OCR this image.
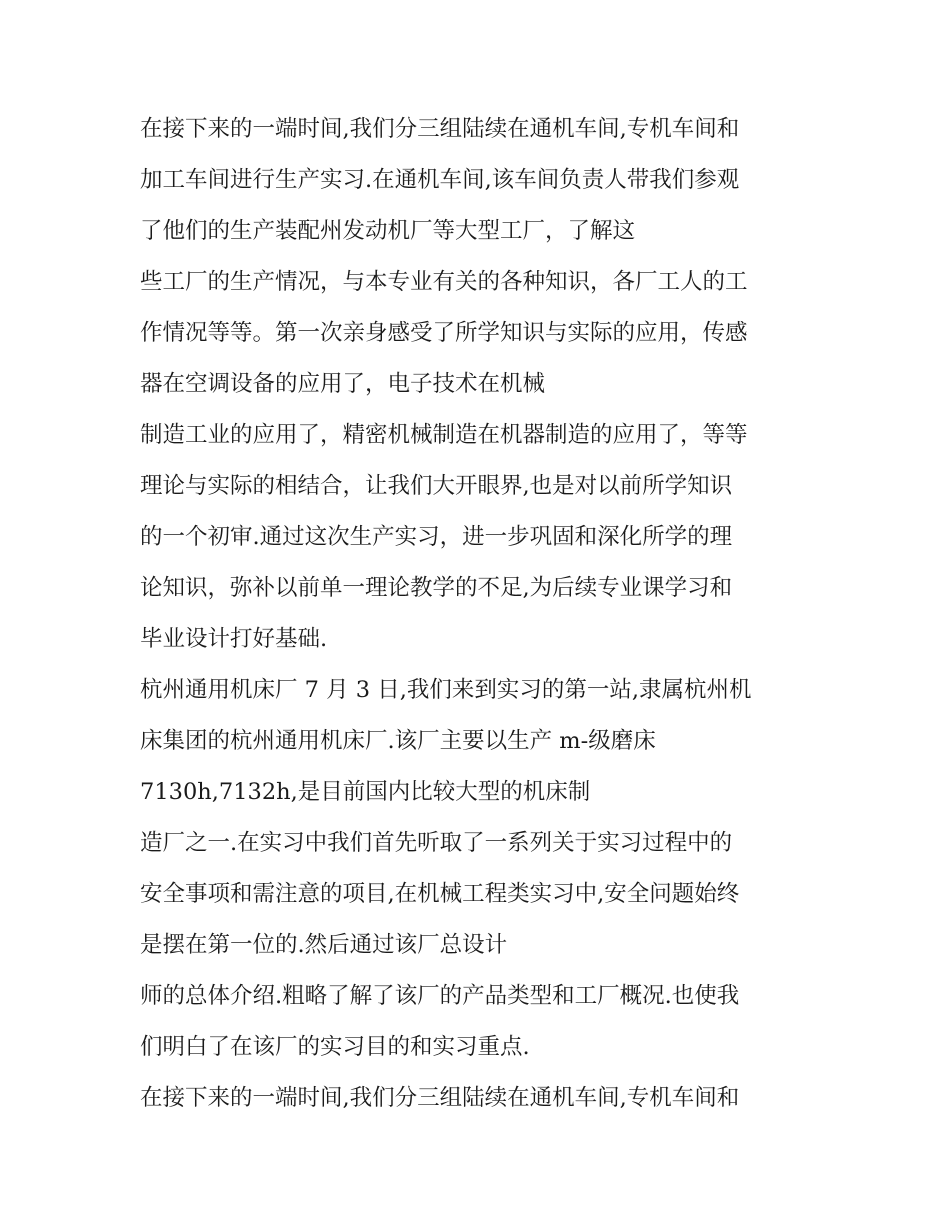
在接下来的一端时间,我们分三组陆续在通机车间,专机车间和
加工车间进行生产实习.在通机车间,该车间负责人带我们参观
了他们的生产装配州发动机厂等大型工厂，了解这
些工厂的生产情况，与本专业有关的各种知识，各厂工人的工
作情况等等。第一次亲身感受了所学知识与实际的应用，传感
器在空调设备的应用了，电子技术在机械
制造工业的应用了，精密机械制造在机器制造的应用了，等等
理论与实际的相结合，让我们大开眼界,也是对以前所学知识
的一个初审.通过这次生产实习，进一步巩固和深化所学的理
论知识，弥补以前单一理论教学的不足,为后续专业课学习和
毕业设计打好基础.
杭州通用机床厂 7 月 3 日,我们来到实习的第一站,隶属杭州机
床集团的杭州通用机床厂.该厂主要以生产 m-级磨床
7130h,7132h,是目前国内比较大型的机床制
造厂之一.在实习中我们首先听取了一系列关于实习过程中的
安全事项和需注意的项目,在机械工程类实习中,安全问题始终
是摆在第一位的.然后通过该厂总设计
师的总体介绍.粗略了解了该厂的产品类型和工厂概况.也使我
们明白了在该厂的实习目的和实习重点.
在接下来的一端时间,我们分三组陆续在通机车间,专机车间和
